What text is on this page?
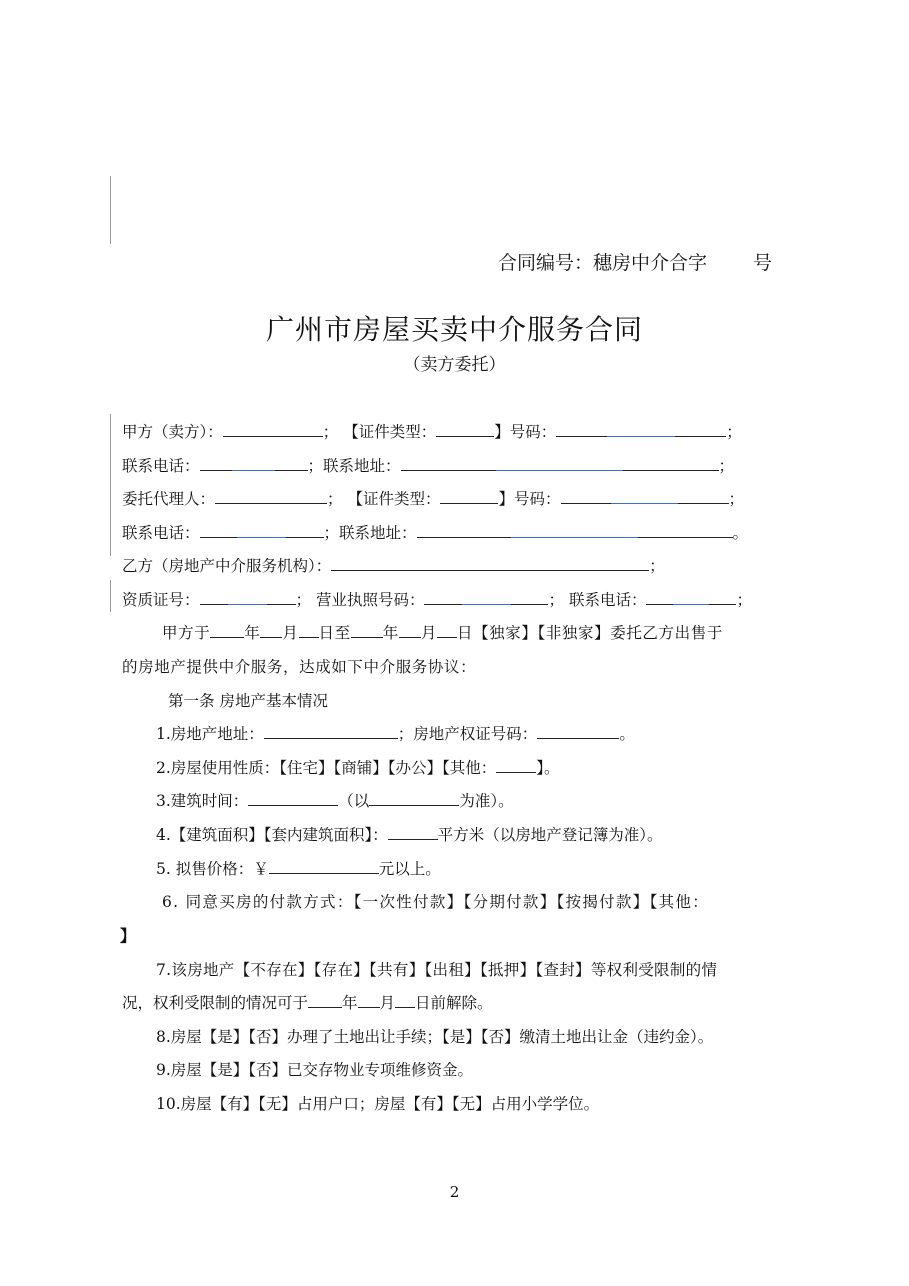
合同编号：穗房中介合字 号
广州市房屋买卖中介服务合同
（卖方委托）
甲方（卖方）：	； 【证件类型：	】号码：	；
联系电话：	；联系地址：	；
委托代理人：	； 【证件类型：	】号码：	；
联系电话：	；联系地址：	。
乙方（房地产中介服务机构）：	；
资质证号：	； 营业执照号码：	； 联系电话：	；
甲方于 年 月 日至 年 月 日【独家】【非独家】委托乙方出售于
的房地产提供中介服务，达成如下中介服务协议：
第一条 房地产基本情况
1.房地产地址：	；房地产权证号码：	。
2.房屋使用性质：【住宅】【商铺】【办公】【其他：	】。
3.建筑时间：	（以	为准）。
4.【建筑面积】【套内建筑面积】：	平方米（以房地产登记簿为准）。
5. 拟售价格：￥	元以上。
6. 同意买房的付款方式：【一次性付款】【分期付款】【按揭付款】【其他：
】
7.该房地产【不存在】【存在】【共有】【出租】【抵押】【查封】等权利受限制的情
况，权利受限制的情况可于 年 月 日前解除。
8.房屋【是】【否】办理了土地出让手续；【是】【否】缴清土地出让金（违约金）。
9.房屋【是】【否】已交存物业专项维修资金。
10.房屋【有】【无】占用户口；房屋【有】【无】占用小学学位。
2
